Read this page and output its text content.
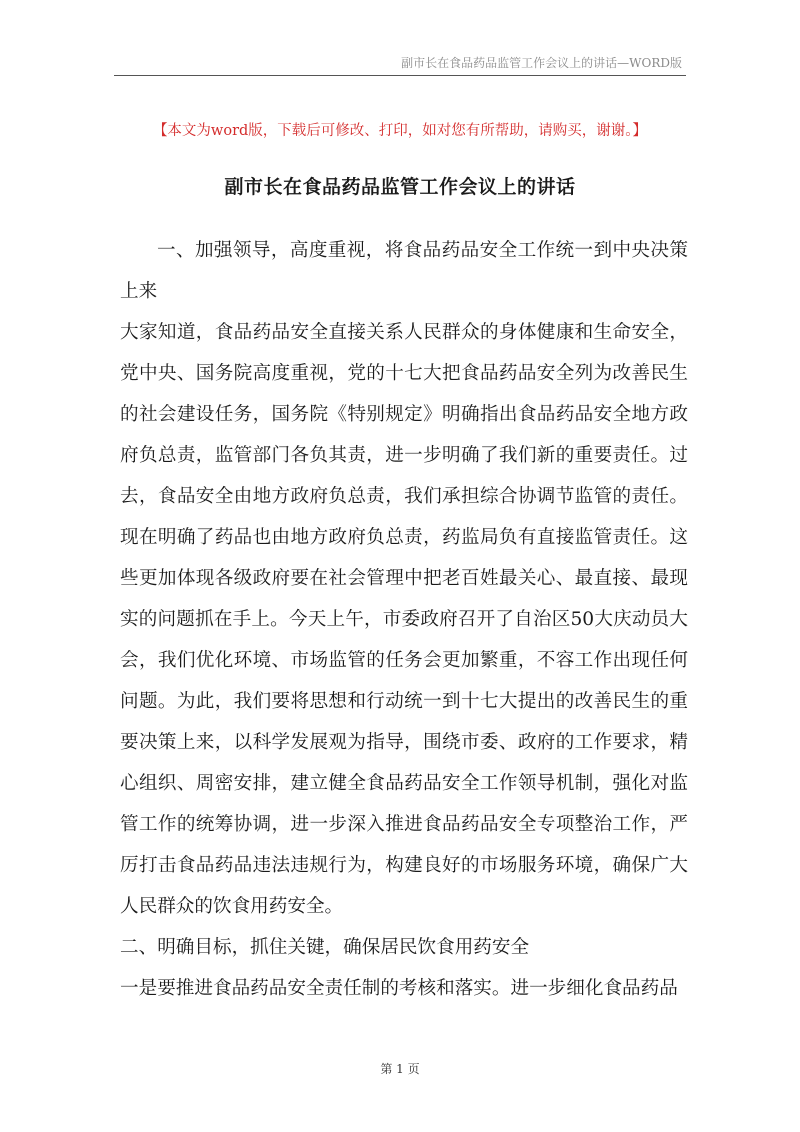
副市长在食品药品监管工作会议上的讲话—WORD版
【本文为word版，下载后可修改、打印，如对您有所帮助，请购买，谢谢。】
副市长在食品药品监管工作会议上的讲话

一、加强领导，高度重视，将食品药品安全工作统一到中央决策上来

大家知道，食品药品安全直接关系人民群众的身体健康和生命安全，党中央、国务院高度重视，党的十七大把食品药品安全列为改善民生的社会建设任务，国务院《特别规定》明确指出食品药品安全地方政府负总责，监管部门各负其责，进一步明确了我们新的重要责任。过去，食品安全由地方政府负总责，我们承担综合协调节监管的责任。现在明确了药品也由地方政府负总责，药监局负有直接监管责任。这些更加体现各级政府要在社会管理中把老百姓最关心、最直接、最现实的问题抓在手上。今天上午，市委政府召开了自治区50大庆动员大会，我们优化环境、市场监管的任务会更加繁重，不容工作出现任何问题。为此，我们要将思想和行动统一到十七大提出的改善民生的重要决策上来，以科学发展观为指导，围绕市委、政府的工作要求，精心组织、周密安排，建立健全食品药品安全工作领导机制，强化对监管工作的统筹协调，进一步深入推进食品药品安全专项整治工作，严厉打击食品药品违法违规行为，构建良好的市场服务环境，确保广大人民群众的饮食用药安全。

二、明确目标，抓住关键，确保居民饮食用药安全

一是要推进食品药品安全责任制的考核和落实。进一步细化食品药品

第 1 页
